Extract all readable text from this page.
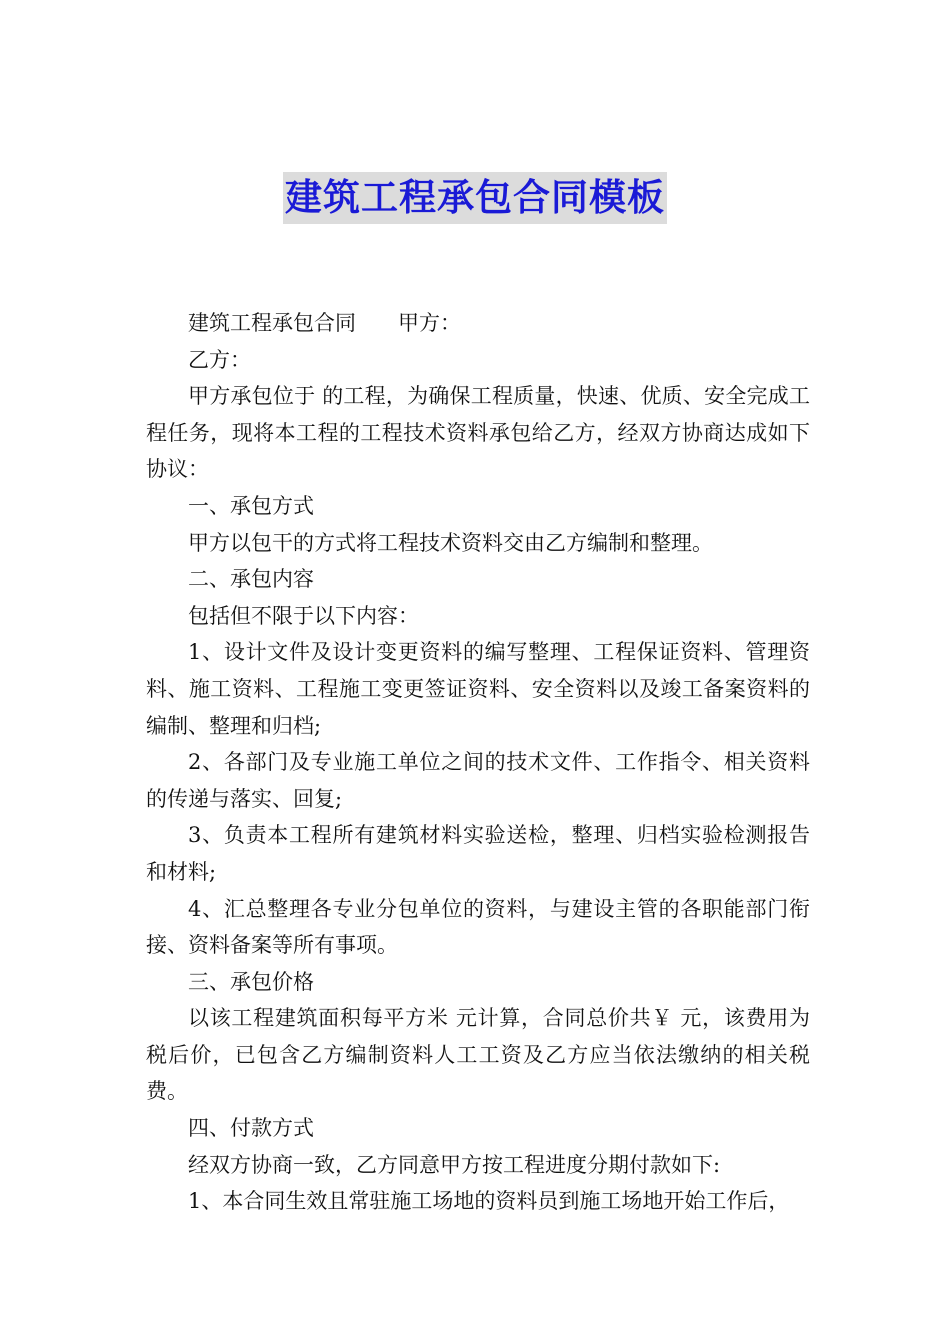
建筑工程承包合同模板

建筑工程承包合同　　甲方：

乙方：

甲方承包位于 的工程，为确保工程质量，快速、优质、安全完成工程任务，现将本工程的工程技术资料承包给乙方，经双方协商达成如下协议：

一、承包方式

甲方以包干的方式将工程技术资料交由乙方编制和整理。

二、承包内容

包括但不限于以下内容：

1、设计文件及设计变更资料的编写整理、工程保证资料、管理资料、施工资料、工程施工变更签证资料、安全资料以及竣工备案资料的编制、整理和归档;

2、各部门及专业施工单位之间的技术文件、工作指令、相关资料的传递与落实、回复;

3、负责本工程所有建筑材料实验送检，整理、归档实验检测报告和材料;

4、汇总整理各专业分包单位的资料，与建设主管的各职能部门衔接、资料备案等所有事项。

三、承包价格

以该工程建筑面积每平方米 元计算，合同总价共￥ 元，该费用为税后价，已包含乙方编制资料人工工资及乙方应当依法缴纳的相关税费。

四、付款方式

经双方协商一致，乙方同意甲方按工程进度分期付款如下:

1、本合同生效且常驻施工场地的资料员到施工场地开始工作后，
